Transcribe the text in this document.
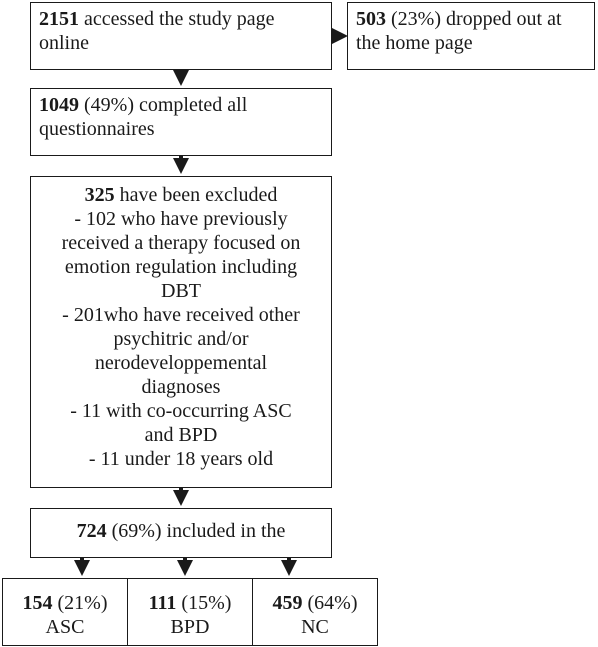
2151 accessed the study page online
503 (23%) dropped out at the home page
1049 (49%) completed all questionnaires
325 have been excluded
- 102 who have previously
received a therapy focused on
emotion regulation including
DBT
- 201who have received other
psychitric and/or
nerodeveloppemental
diagnoses
- 11 with co-occurring ASC
and BPD
- 11 under 18 years old
724 (69%) included in the
154 (21%)
ASC
111 (15%)
BPD
459 (64%)
NC
